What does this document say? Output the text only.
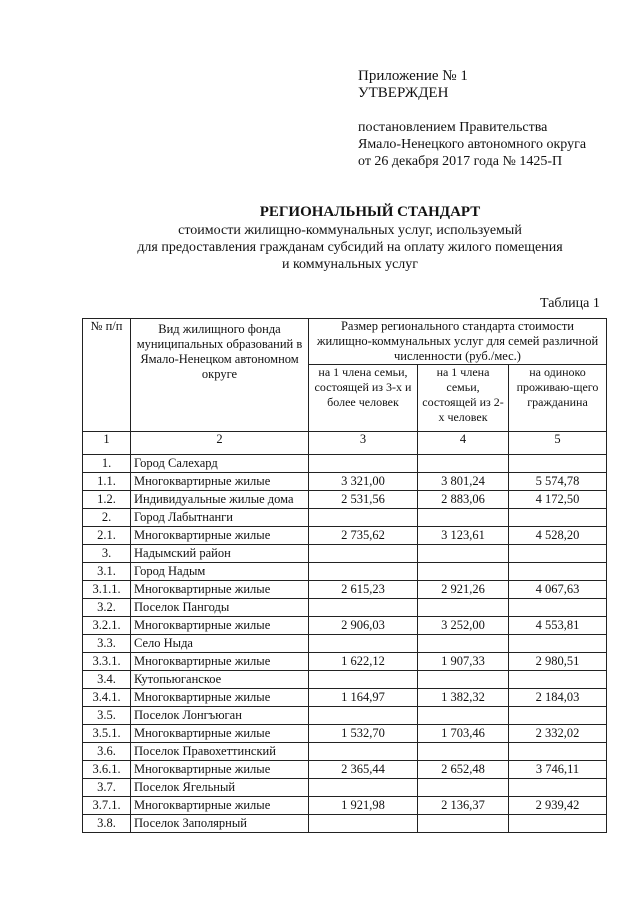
Приложение № 1
УТВЕРЖДЕН
постановлением Правительства
Ямало-Ненецкого автономного округа
от 26 декабря 2017 года № 1425-П
РЕГИОНАЛЬНЫЙ СТАНДАРТ
стоимости жилищно-коммунальных услуг, используемый
для предоставления гражданам субсидий на оплату жилого помещения
и коммунальных услуг
Таблица 1
№ п/п	Вид жилищного фонда муниципальных образований в Ямало-Ненецком автономном округе	Размер регионального стандарта стоимости жилищно-коммунальных услуг для семей различной численности (руб./мес.)		
		на 1 члена семьи, состоящей из 3-х и более человек	на 1 члена семьи, состоящей из 2-х человек	на одиноко проживаю-щего гражданина
1	2	3	4	5
1.	Город Салехард			
1.1.	Многоквартирные жилые	3 321,00	3 801,24	5 574,78
1.2.	Индивидуальные жилые дома	2 531,56	2 883,06	4 172,50
2.	Город Лабытнанги			
2.1.	Многоквартирные жилые	2 735,62	3 123,61	4 528,20
3.	Надымский район			
3.1.	Город Надым			
3.1.1.	Многоквартирные жилые	2 615,23	2 921,26	4 067,63
3.2.	Поселок Пангоды			
3.2.1.	Многоквартирные жилые	2 906,03	3 252,00	4 553,81
3.3.	Село Ныда			
3.3.1.	Многоквартирные жилые	1 622,12	1 907,33	2 980,51
3.4.	Кутопьюганское			
3.4.1.	Многоквартирные жилые	1 164,97	1 382,32	2 184,03
3.5.	Поселок Лонгъюган			
3.5.1.	Многоквартирные жилые	1 532,70	1 703,46	2 332,02
3.6.	Поселок Правохеттинский			
3.6.1.	Многоквартирные жилые	2 365,44	2 652,48	3 746,11
3.7.	Поселок Ягельный			
3.7.1.	Многоквартирные жилые	1 921,98	2 136,37	2 939,42
3.8.	Поселок Заполярный			
